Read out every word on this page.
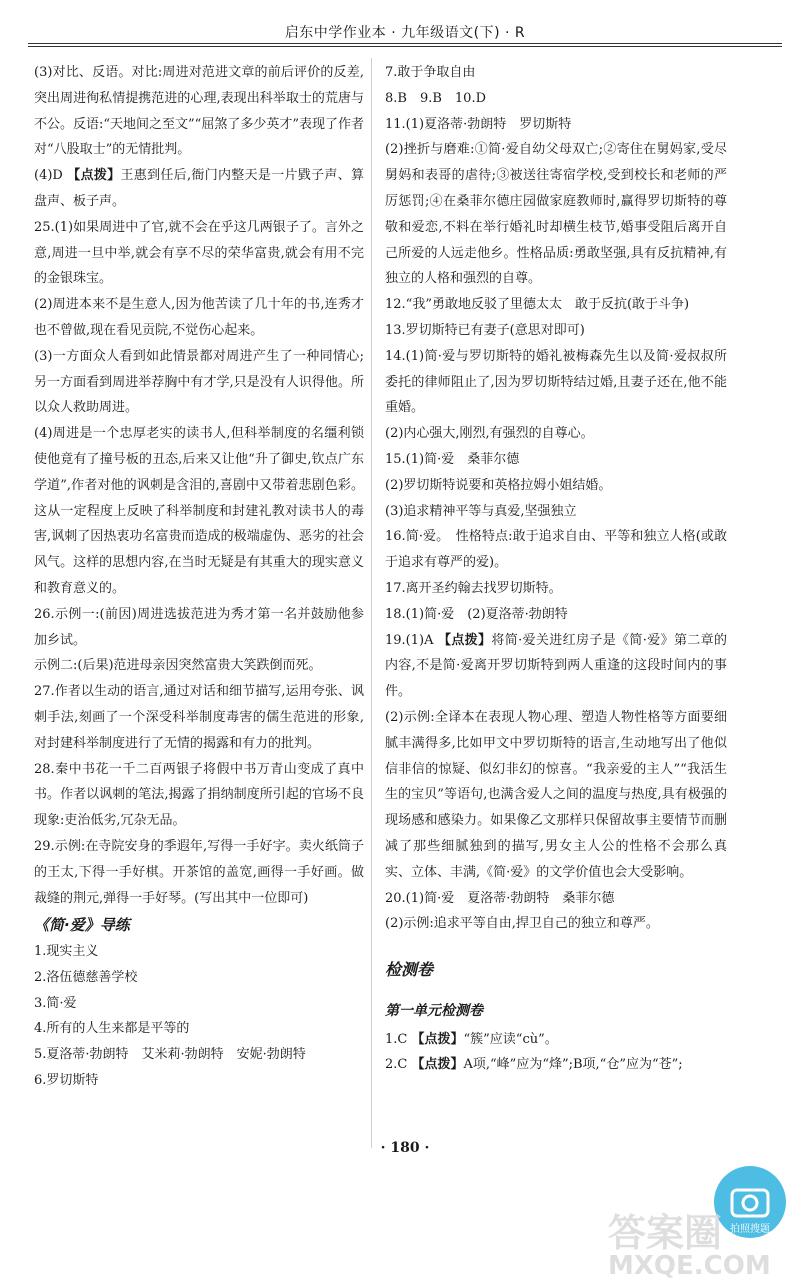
启东中学作业本 · 九年级语文(下) · R
(3)对比、反语。对比:周进对范进文章的前后评价的反差,突出周进徇私情提携范进的心理,表现出科举取士的荒唐与不公。反语:“天地间之至文”“屈煞了多少英才”表现了作者对“八股取士”的无情批判。
(4)D 【点拨】王惠到任后,衙门内整天是一片戥子声、算盘声、板子声。
25.(1)如果周进中了官,就不会在乎这几两银子了。言外之意,周进一旦中举,就会有享不尽的荣华富贵,就会有用不完的金银珠宝。
(2)周进本来不是生意人,因为他苦读了几十年的书,连秀才也不曾做,现在看见贡院,不觉伤心起来。
(3)一方面众人看到如此情景都对周进产生了一种同情心;另一方面看到周进举荐胸中有才学,只是没有人识得他。所以众人救助周进。
(4)周进是一个忠厚老实的读书人,但科举制度的名缰利锁使他竟有了撞号板的丑态,后来又让他“升了御史,钦点广东学道”,作者对他的讽刺是含泪的,喜剧中又带着悲剧色彩。这从一定程度上反映了科举制度和封建礼教对读书人的毒害,讽刺了因热衷功名富贵而造成的极端虚伪、恶劣的社会风气。这样的思想内容,在当时无疑是有其重大的现实意义和教育意义的。
26.示例一:(前因)周进选拔范进为秀才第一名并鼓励他参加乡试。
示例二:(后果)范进母亲因突然富贵大笑跌倒而死。
27.作者以生动的语言,通过对话和细节描写,运用夸张、讽刺手法,刻画了一个深受科举制度毒害的儒生范进的形象,对封建科举制度进行了无情的揭露和有力的批判。
28.秦中书花一千二百两银子将假中书万青山变成了真中书。作者以讽刺的笔法,揭露了捐纳制度所引起的官场不良现象:吏治低劣,冗杂无品。
29.示例:在寺院安身的季遐年,写得一手好字。卖火纸筒子的王太,下得一手好棋。开茶馆的盖宽,画得一手好画。做裁缝的荆元,弹得一手好琴。(写出其中一位即可)
《简·爱》导练
1.现实主义
2.洛伍德慈善学校
3.简·爱
4.所有的人生来都是平等的
5.夏洛蒂·勃朗特　艾米莉·勃朗特　安妮·勃朗特
6.罗切斯特
7.敢于争取自由
8.B　9.B　10.D
11.(1)夏洛蒂·勃朗特　罗切斯特
(2)挫折与磨难:①简·爱自幼父母双亡;②寄住在舅妈家,受尽舅妈和表哥的虐待;③被送往寄宿学校,受到校长和老师的严厉惩罚;④在桑菲尔德庄园做家庭教师时,赢得罗切斯特的尊敬和爱恋,不料在举行婚礼时却横生枝节,婚事受阻后离开自己所爱的人远走他乡。性格品质:勇敢坚强,具有反抗精神,有独立的人格和强烈的自尊。
12.“我”勇敢地反驳了里德太太　敢于反抗(敢于斗争)
13.罗切斯特已有妻子(意思对即可)
14.(1)简·爱与罗切斯特的婚礼被梅森先生以及简·爱叔叔所委托的律师阻止了,因为罗切斯特结过婚,且妻子还在,他不能重婚。
(2)内心强大,刚烈,有强烈的自尊心。
15.(1)简·爱　桑菲尔德
(2)罗切斯特说要和英格拉姆小姐结婚。
(3)追求精神平等与真爱,坚强独立
16.简·爱。　性格特点:敢于追求自由、平等和独立人格(或敢于追求有尊严的爱)。
17.离开圣约翰去找罗切斯特。
18.(1)简·爱　(2)夏洛蒂·勃朗特
19.(1)A 【点拨】将简·爱关进红房子是《简·爱》第二章的内容,不是简·爱离开罗切斯特到两人重逢的这段时间内的事件。
(2)示例:全译本在表现人物心理、塑造人物性格等方面要细腻丰满得多,比如甲文中罗切斯特的语言,生动地写出了他似信非信的惊疑、似幻非幻的惊喜。“我亲爱的主人”“我活生生的宝贝”等语句,也满含爱人之间的温度与热度,具有极强的现场感和感染力。如果像乙文那样只保留故事主要情节而删减了那些细腻独到的描写,男女主人公的性格不会那么真实、立体、丰满,《简·爱》的文学价值也会大受影响。
20.(1)简·爱　夏洛蒂·勃朗特　桑菲尔德
(2)示例:追求平等自由,捍卫自己的独立和尊严。
检测卷
第一单元检测卷
1.C 【点拨】“簇”应读“cù”。
2.C 【点拨】A项,“峰”应为“烽”;B项,“仓”应为“苍”;
· 180 ·
拍照搜题
答案圈
MXQE.COM
